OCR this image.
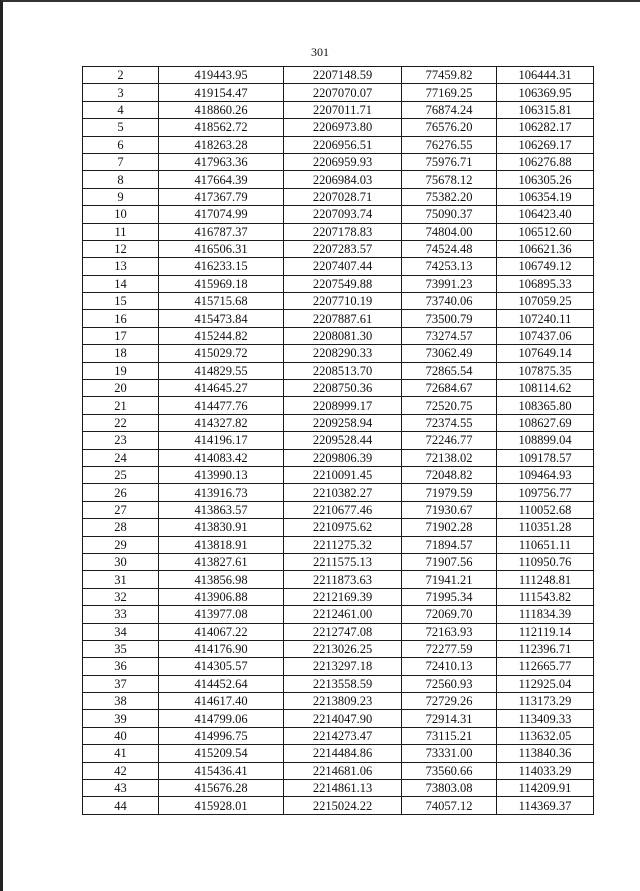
301
2	419443.95	2207148.59	77459.82	106444.31
3	419154.47	2207070.07	77169.25	106369.95
4	418860.26	2207011.71	76874.24	106315.81
5	418562.72	2206973.80	76576.20	106282.17
6	418263.28	2206956.51	76276.55	106269.17
7	417963.36	2206959.93	75976.71	106276.88
8	417664.39	2206984.03	75678.12	106305.26
9	417367.79	2207028.71	75382.20	106354.19
10	417074.99	2207093.74	75090.37	106423.40
11	416787.37	2207178.83	74804.00	106512.60
12	416506.31	2207283.57	74524.48	106621.36
13	416233.15	2207407.44	74253.13	106749.12
14	415969.18	2207549.88	73991.23	106895.33
15	415715.68	2207710.19	73740.06	107059.25
16	415473.84	2207887.61	73500.79	107240.11
17	415244.82	2208081.30	73274.57	107437.06
18	415029.72	2208290.33	73062.49	107649.14
19	414829.55	2208513.70	72865.54	107875.35
20	414645.27	2208750.36	72684.67	108114.62
21	414477.76	2208999.17	72520.75	108365.80
22	414327.82	2209258.94	72374.55	108627.69
23	414196.17	2209528.44	72246.77	108899.04
24	414083.42	2209806.39	72138.02	109178.57
25	413990.13	2210091.45	72048.82	109464.93
26	413916.73	2210382.27	71979.59	109756.77
27	413863.57	2210677.46	71930.67	110052.68
28	413830.91	2210975.62	71902.28	110351.28
29	413818.91	2211275.32	71894.57	110651.11
30	413827.61	2211575.13	71907.56	110950.76
31	413856.98	2211873.63	71941.21	111248.81
32	413906.88	2212169.39	71995.34	111543.82
33	413977.08	2212461.00	72069.70	111834.39
34	414067.22	2212747.08	72163.93	112119.14
35	414176.90	2213026.25	72277.59	112396.71
36	414305.57	2213297.18	72410.13	112665.77
37	414452.64	2213558.59	72560.93	112925.04
38	414617.40	2213809.23	72729.26	113173.29
39	414799.06	2214047.90	72914.31	113409.33
40	414996.75	2214273.47	73115.21	113632.05
41	415209.54	2214484.86	73331.00	113840.36
42	415436.41	2214681.06	73560.66	114033.29
43	415676.28	2214861.13	73803.08	114209.91
44	415928.01	2215024.22	74057.12	114369.37
